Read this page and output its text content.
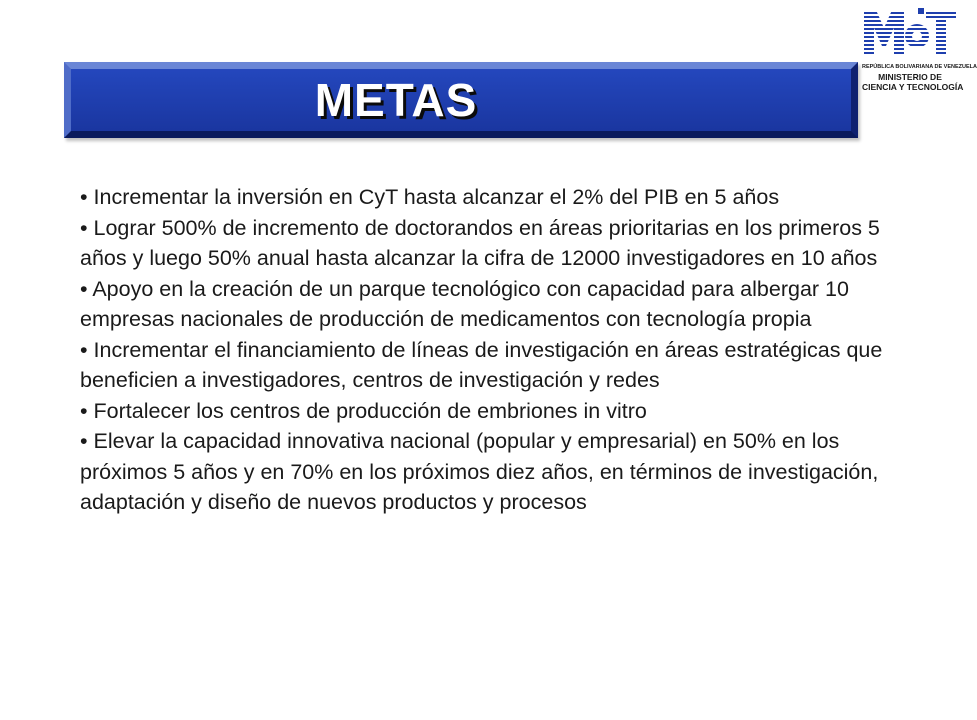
METAS
REPÚBLICA BOLIVARIANA DE VENEZUELA
MINISTERIO DE
CIENCIA Y TECNOLOGÍA

• Incrementar la inversión en CyT hasta alcanzar el 2% del PIB en 5 años

• Lograr 500% de incremento de doctorandos en áreas prioritarias en los primeros 5 años y luego 50% anual hasta alcanzar la cifra de 12000 investigadores en 10 años

• Apoyo en la creación de un parque tecnológico con capacidad para albergar 10 empresas nacionales de producción de medicamentos con tecnología propia

• Incrementar el financiamiento de líneas de investigación en áreas estratégicas que beneficien a investigadores, centros de investigación y redes

• Fortalecer los centros de producción de embriones in vitro

• Elevar la capacidad innovativa nacional (popular y empresarial) en 50% en los próximos 5 años y en 70% en los próximos diez años, en términos de investigación, adaptación y diseño de nuevos productos y procesos
